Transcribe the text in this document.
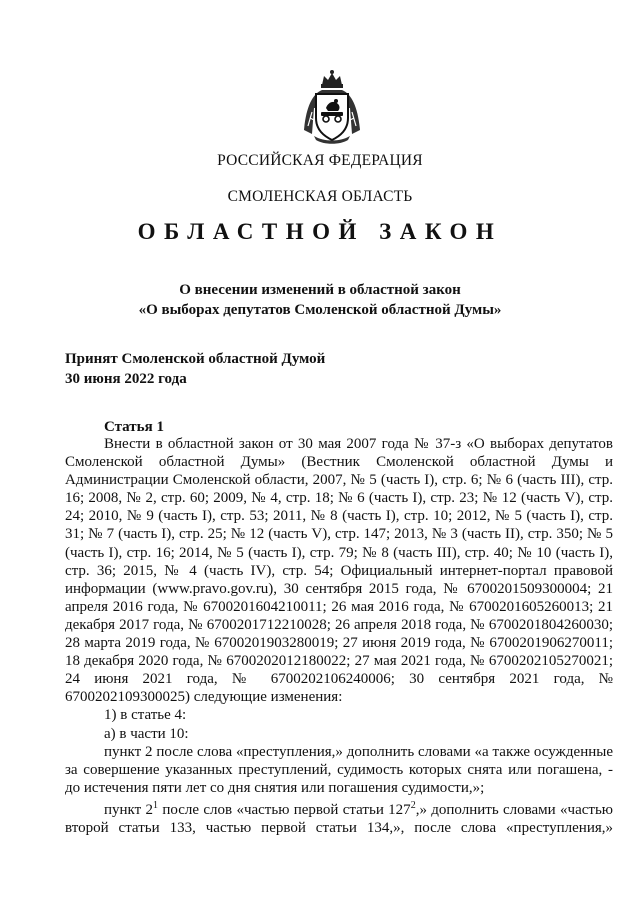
РОССИЙСКАЯ ФЕДЕРАЦИЯ
СМОЛЕНСКАЯ ОБЛАСТЬ
ОБЛАСТНОЙ ЗАКОН
О внесении изменений в областной закон
«О выборах депутатов Смоленской областной Думы»
Принят Смоленской областной Думой
30 июня 2022 года
Статья 1

Внести в областной закон от 30 мая 2007 года № 37-з «О выборах депутатов Смоленской областной Думы» (Вестник Смоленской областной Думы и Администрации Смоленской области, 2007, № 5 (часть I), стр. 6; № 6 (часть III), стр. 16; 2008, № 2, стр. 60; 2009, № 4, стр. 18; № 6 (часть I), стр. 23; № 12 (часть V), стр. 24; 2010, № 9 (часть I), стр. 53; 2011, № 8 (часть I), стр. 10; 2012, № 5 (часть I), стр. 31; № 7 (часть I), стр. 25; № 12 (часть V), стр. 147; 2013, № 3 (часть II), стр. 350; № 5 (часть I), стр. 16; 2014, № 5 (часть I), стр. 79; № 8 (часть III), стр. 40; № 10 (часть I), стр. 36; 2015, № 4 (часть IV), стр. 54; Официальный интернет-портал правовой информации (www.pravo.gov.ru), 30 сентября 2015 года, № 6700201509300004; 21 апреля 2016 года, № 6700201604210011; 26 мая 2016 года, № 6700201605260013; 21 декабря 2017 года, № 6700201712210028; 26 апреля 2018 года, № 6700201804260030; 28 марта 2019 года, № 6700201903280019; 27 июня 2019 года, № 6700201906270011; 18 декабря 2020 года, № 6700202012180022; 27 мая 2021 года, № 6700202105270021; 24 июня 2021 года, № 6700202106240006; 30 сентября 2021 года, № 6700202109300025) следующие изменения:

1) в статье 4:

а) в части 10:

пункт 2 после слова «преступления,» дополнить словами «а также осужденные за совершение указанных преступлений, судимость которых снята или погашена, - до истечения пяти лет со дня снятия или погашения судимости,»;

пункт $2^1$ после слов «частью первой статьи $127^2$,» дополнить словами «частью второй статьи 133, частью первой статьи 134,», после слова «преступления,»
